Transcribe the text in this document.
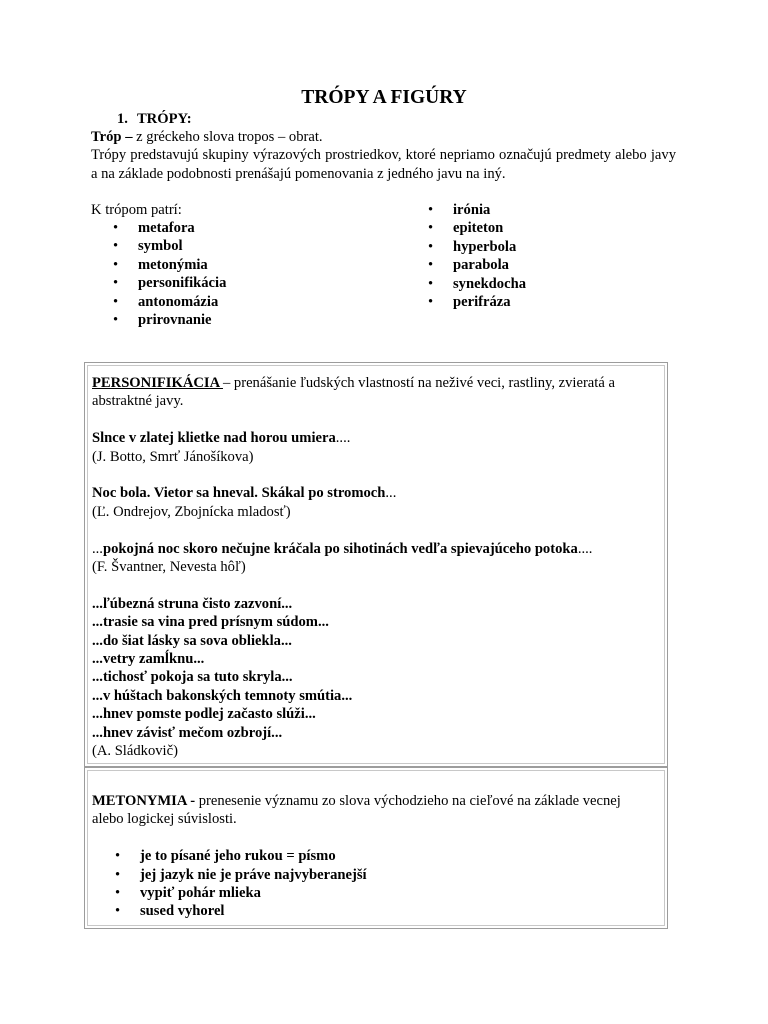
TRÓPY A FIGÚRY
1. TRÓPY:

Tróp – z gréckeho slova tropos – obrat.

Trópy predstavujú skupiny výrazových prostriedkov, ktoré nepriamo označujú predmety alebo javy a na základe podobnosti prenášajú pomenovania z jedného javu na iný.

K trópom patrí:
• metafora
• symbol
• metonýmia
• personifikácia
• antonomázia
• prirovnanie
• irónia
• epiteton
• hyperbola
• parabola
• synekdocha
• perifráza

PERSONIFIKÁCIA – prenášanie ľudských vlastností na neživé veci, rastliny, zvieratá a abstraktné javy.

Slnce v zlatej klietke nad horou umiera....

(J. Botto, Smrť Jánošíkova)

Noc bola. Vietor sa hneval. Skákal po stromoch...

(Ľ. Ondrejov, Zbojnícka mladosť)

...pokojná noc skoro nečujne kráčala po sihotinách vedľa spievajúceho potoka....

(F. Švantner, Nevesta hôľ)

...ľúbezná struna čisto zazvoní...

...trasie sa vina pred prísnym súdom...

...do šiat lásky sa sova obliekla...

...vetry zamĺknu...

...tichosť pokoja sa tuto skryla...

...v húštach bakonských temnoty smútia...

...hnev pomste podlej začasto slúži...

...hnev závisť mečom ozbrojí...

(A. Sládkovič)

METONYMIA - prenesenie významu zo slova východzieho na cieľové na základe vecnej alebo logickej súvislosti.

• je to písané jeho rukou = písmo
• jej jazyk nie je práve najvyberanejší
• vypiť pohár mlieka
• sused vyhorel
